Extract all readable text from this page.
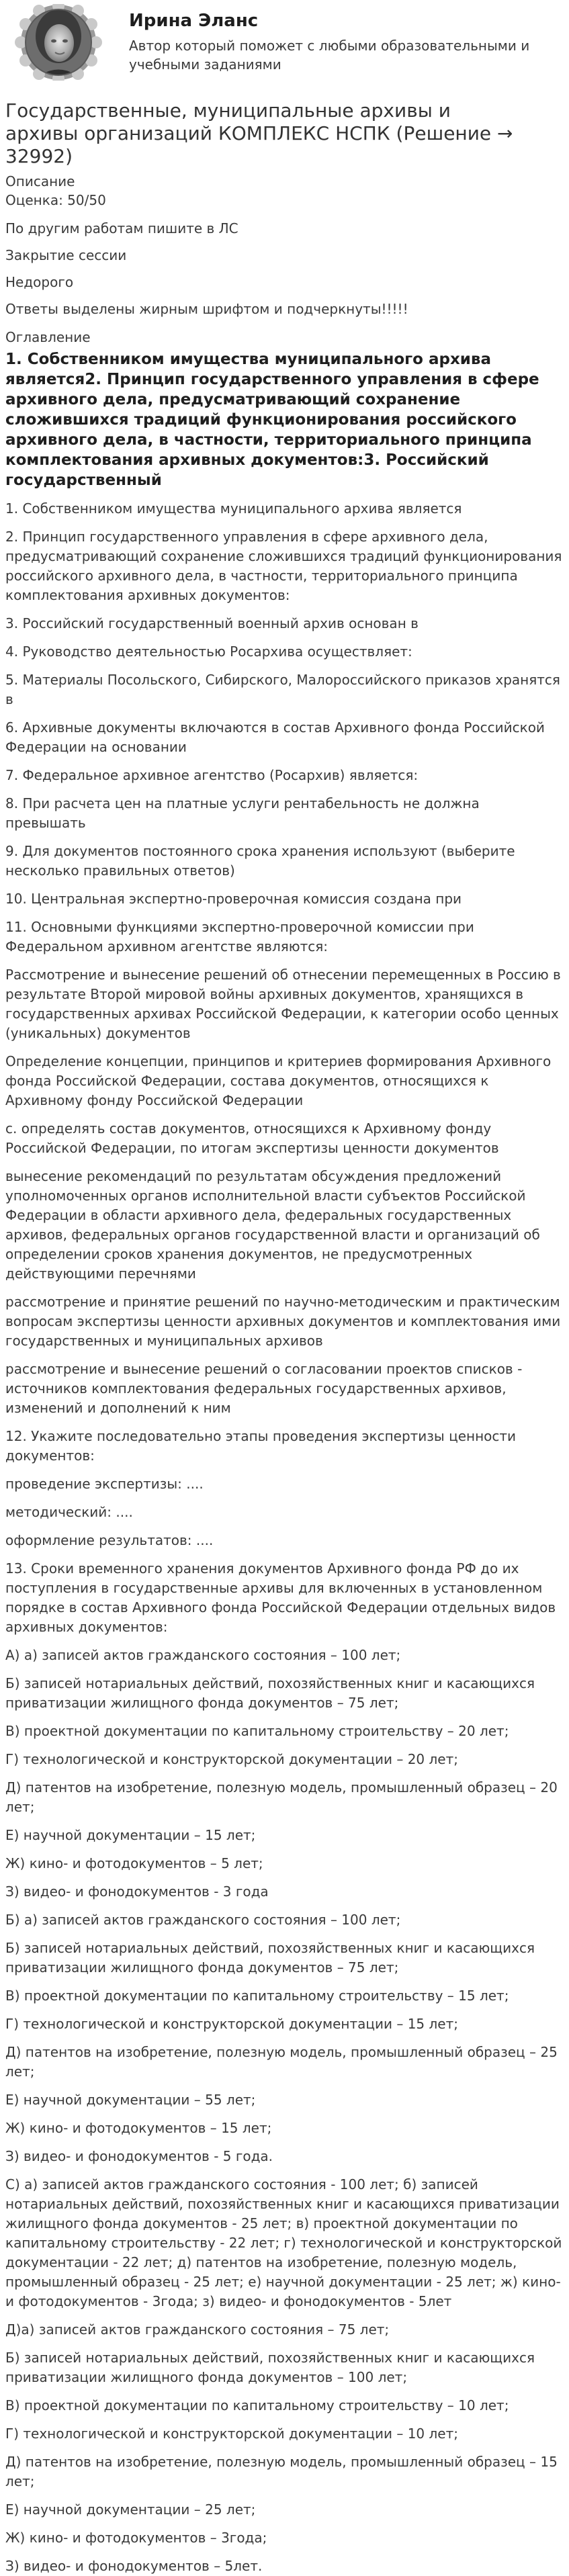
Ирина Эланс
Автор который поможет с любыми образовательными и учебными заданиями
Государственные, муниципальные архивы и архивы организаций КОМПЛЕКС НСПК (Решение → 32992)
Описание
Оценка: 50/50
По другим работам пишите в ЛС
Закрытие сессии
Недорого
Ответы выделены жирным шрифтом и подчеркнуты!!!!!
Оглавление
1. Собственником имущества муниципального архива является2. Принцип государственного управления в сфере архивного дела, предусматривающий сохранение сложившихся традиций функционирования российского архивного дела, в частности, территориального принципа комплектования архивных документов:3. Российский государственный
1. Собственником имущества муниципального архива является
2. Принцип государственного управления в сфере архивного дела, предусматривающий сохранение сложившихся традиций функционирования российского архивного дела, в частности, территориального принципа комплектования архивных документов:
3. Российский государственный военный архив основан в
4. Руководство деятельностью Росархива осуществляет:
5. Материалы Посольского, Сибирского, Малороссийского приказов хранятся в
6. Архивные документы включаются в состав Архивного фонда Российской Федерации на основании
7. Федеральное архивное агентство (Росархив) является:
8. При расчета цен на платные услуги рентабельность не должна превышать
9. Для документов постоянного срока хранения используют (выберите несколько правильных ответов)
10. Центральная экспертно-проверочная комиссия создана при
11. Основными функциями экспертно-проверочной комиссии при Федеральном архивном агентстве являются:
Рассмотрение и вынесение решений об отнесении перемещенных в Россию в результате Второй мировой войны архивных документов, хранящихся в государственных архивах Российской Федерации, к категории особо ценных (уникальных) документов
Определение концепции, принципов и критериев формирования Архивного фонда Российской Федерации, состава документов, относящихся к Архивному фонду Российской Федерации
с. определять состав документов, относящихся к Архивному фонду Российской Федерации, по итогам экспертизы ценности документов
вынесение рекомендаций по результатам обсуждения предложений уполномоченных органов исполнительной власти субъектов Российской Федерации в области архивного дела, федеральных государственных архивов, федеральных органов государственной власти и организаций об определении сроков хранения документов, не предусмотренных действующими перечнями
рассмотрение и принятие решений по научно-методическим и практическим вопросам экспертизы ценности архивных документов и комплектования ими государственных и муниципальных архивов
рассмотрение и вынесение решений о согласовании проектов списков - источников комплектования федеральных государственных архивов, изменений и дополнений к ним
12. Укажите последовательно этапы проведения экспертизы ценности документов:
проведение экспертизы: ....
методический: ....
оформление результатов: ....
13. Сроки временного хранения документов Архивного фонда РФ до их поступления в государственные архивы для включенных в установленном порядке в состав Архивного фонда Российской Федерации отдельных видов архивных документов:
А) а) записей актов гражданского состояния – 100 лет;
Б) записей нотариальных действий, похозяйственных книг и касающихся приватизации жилищного фонда документов – 75 лет;
В) проектной документации по капитальному строительству – 20 лет;
Г) технологической и конструкторской документации – 20 лет;
Д) патентов на изобретение, полезную модель, промышленный образец – 20 лет;
Е) научной документации – 15 лет;
Ж) кино- и фотодокументов – 5 лет;
З) видео- и фонодокументов - 3 года
Б) а) записей актов гражданского состояния – 100 лет;
Б) записей нотариальных действий, похозяйственных книг и касающихся приватизации жилищного фонда документов – 75 лет;
В) проектной документации по капитальному строительству – 15 лет;
Г) технологической и конструкторской документации – 15 лет;
Д) патентов на изобретение, полезную модель, промышленный образец – 25 лет;
Е) научной документации – 55 лет;
Ж) кино- и фотодокументов – 15 лет;
З) видео- и фонодокументов - 5 года.
С) а) записей актов гражданского состояния - 100 лет; б) записей нотариальных действий, похозяйственных книг и касающихся приватизации жилищного фонда документов - 25 лет; в) проектной документации по капитальному строительству - 22 лет; г) технологической и конструкторской документации - 22 лет; д) патентов на изобретение, полезную модель, промышленный образец - 25 лет; е) научной документации - 25 лет; ж) кино- и фотодокументов - 3года; з) видео- и фонодокументов - 5лет
Д)а) записей актов гражданского состояния – 75 лет;
Б) записей нотариальных действий, похозяйственных книг и касающихся приватизации жилищного фонда документов – 100 лет;
В) проектной документации по капитальному строительству – 10 лет;
Г) технологической и конструкторской документации – 10 лет;
Д) патентов на изобретение, полезную модель, промышленный образец – 15 лет;
Е) научной документации – 25 лет;
Ж) кино- и фотодокументов – 3года;
З) видео- и фонодокументов – 5лет.
